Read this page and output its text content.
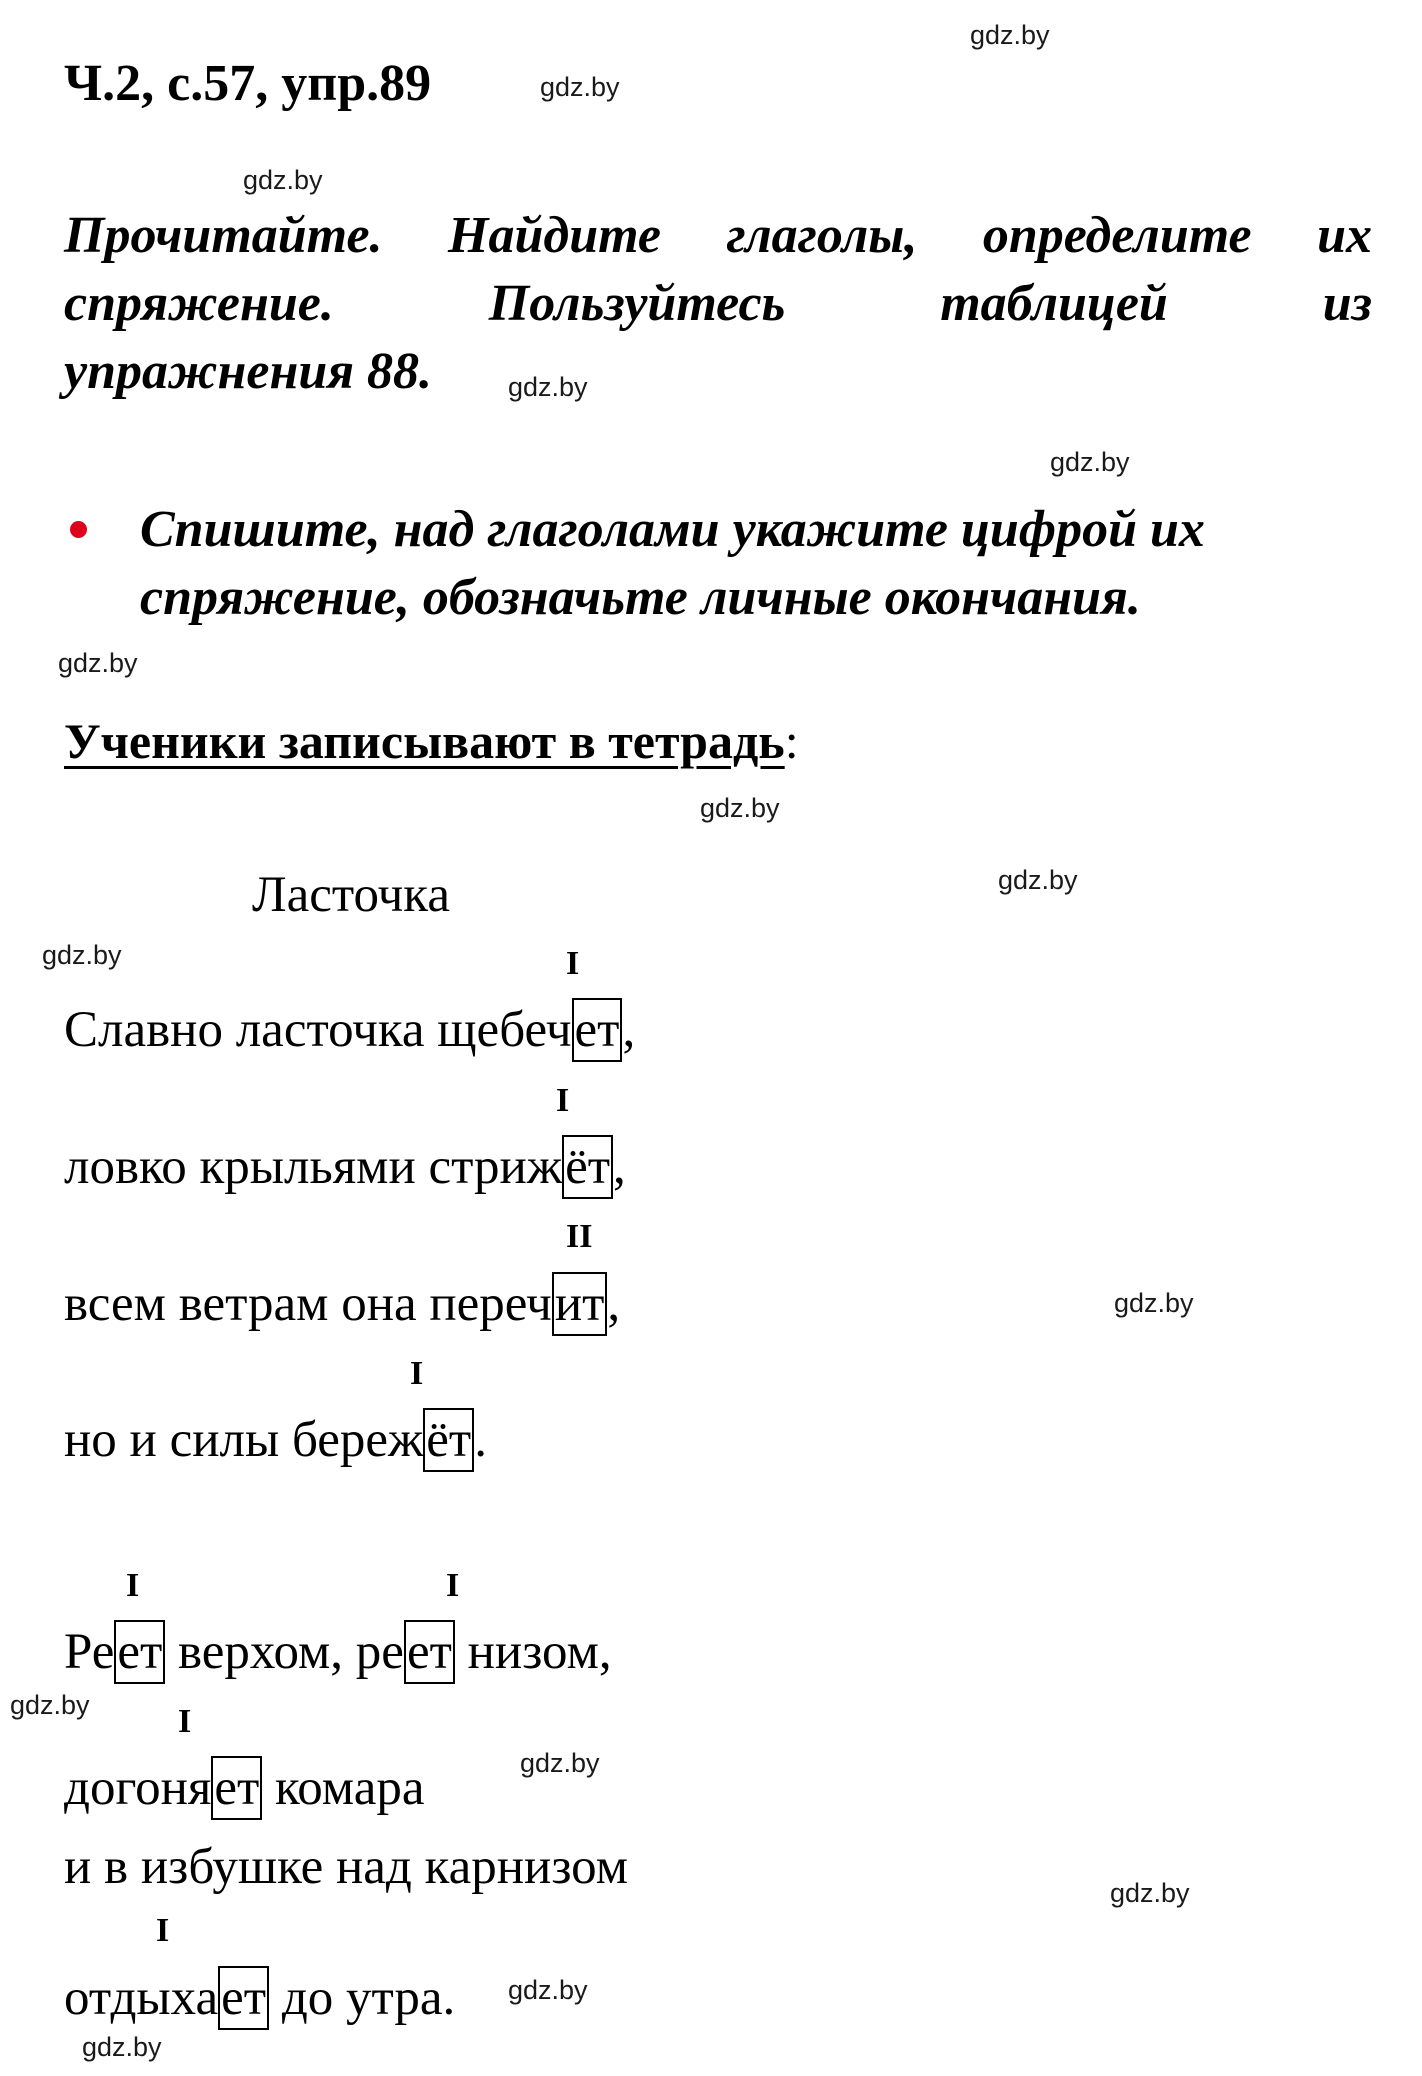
gdz.by
gdz.by
gdz.by
gdz.by
gdz.by
gdz.by
gdz.by
gdz.by
gdz.by
gdz.by
gdz.by
gdz.by
gdz.by
gdz.by
gdz.by
Ч.2, с.57, упр.89
Прочитайте. Найдите глаголы, определите их
спряжение.	Пользуйтесь	таблицей	из
упражнения 88.
Спишите, над глаголами укажите цифрой их
спряжение, обозначьте личные окончания.
Ученики записывают в тетрадь:
Ласточка
I
Славно ласточка щебечет,
I
ловко крыльями стрижёт,
II
всем ветрам она перечит,
I
но и силы бережёт.
I	I
Реет верхом, реет низом,
I
догоняет комара
и в избушке над карнизом
I
отдыхает до утра.
